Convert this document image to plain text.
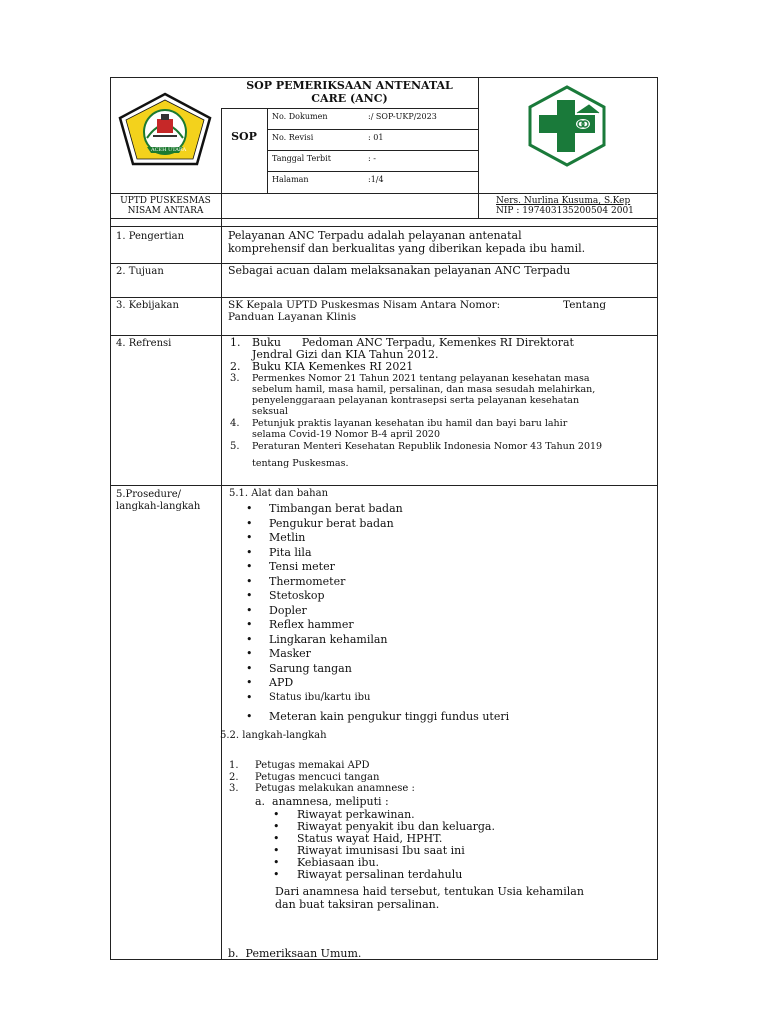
ACEH UTARA
SOP PEMERIKSAAN ANTENATAL
CARE (ANC)
SOP
No. Dokumen	:/ SOP-UKP/2023
No. Revisi	: 01
Tanggal Terbit	: -
Halaman	:1/4
UPTD PUSKESMAS
NISAM ANTARA
Ners. Nurlina Kusuma, S.Kep
NIP : 197403135200504 2001
1. Pengertian	Pelayanan ANC Terpadu adalah pelayanan antenatal
komprehensif dan berkualitas yang diberikan kepada ibu hamil.
2. Tujuan	Sebagai acuan dalam melaksanakan pelayanan ANC Terpadu
3. Kebijakan	SK Kepala UPTD Puskesmas Nisam Antara Nomor:	Tentang
Panduan Layanan Klinis
4. Refrensi	1. Buku      Pedoman ANC Terpadu, Kemenkes RI Direktorat
Jendral Gizi dan KIA Tahun 2012.
2. Buku KIA Kemenkes RI 2021
3. Permenkes Nomor 21 Tahun 2021 tentang pelayanan kesehatan masa
sebelum hamil, masa hamil, persalinan, dan masa sesudah melahirkan,
penyelenggaraan pelayanan kontrasepsi serta pelayanan kesehatan
seksual
4. Petunjuk praktis layanan kesehatan ibu hamil dan bayi baru lahir
selama Covid-19 Nomor B-4 april 2020
5. Peraturan Menteri Kesehatan Republik Indonesia Nomor 43 Tahun 2019
tentang Puskesmas.
5.Prosedure/
langkah-langkah
5.1. Alat dan bahan
• Timbangan berat badan
• Pengukur berat badan
• Metlin
• Pita lila
• Tensi meter
• Thermometer
• Stetoskop
• Dopler
• Reflex hammer
• Lingkaran kehamilan
• Masker
• Sarung tangan
• APD
• Status ibu/kartu ibu
• Meteran kain pengukur tinggi fundus uteri
5.2. langkah-langkah
1. Petugas memakai APD
2. Petugas mencuci tangan
3. Petugas melakukan anamnese :
a.  anamnesa, meliputi :
• Riwayat perkawinan.
• Riwayat penyakit ibu dan keluarga.
• Status wayat Haid, HPHT.
• Riwayat imunisasi Ibu saat ini
• Kebiasaan ibu.
• Riwayat persalinan terdahulu
Dari anamnesa haid tersebut, tentukan Usia kehamilan
dan buat taksiran persalinan.
b.  Pemeriksaan Umum.
